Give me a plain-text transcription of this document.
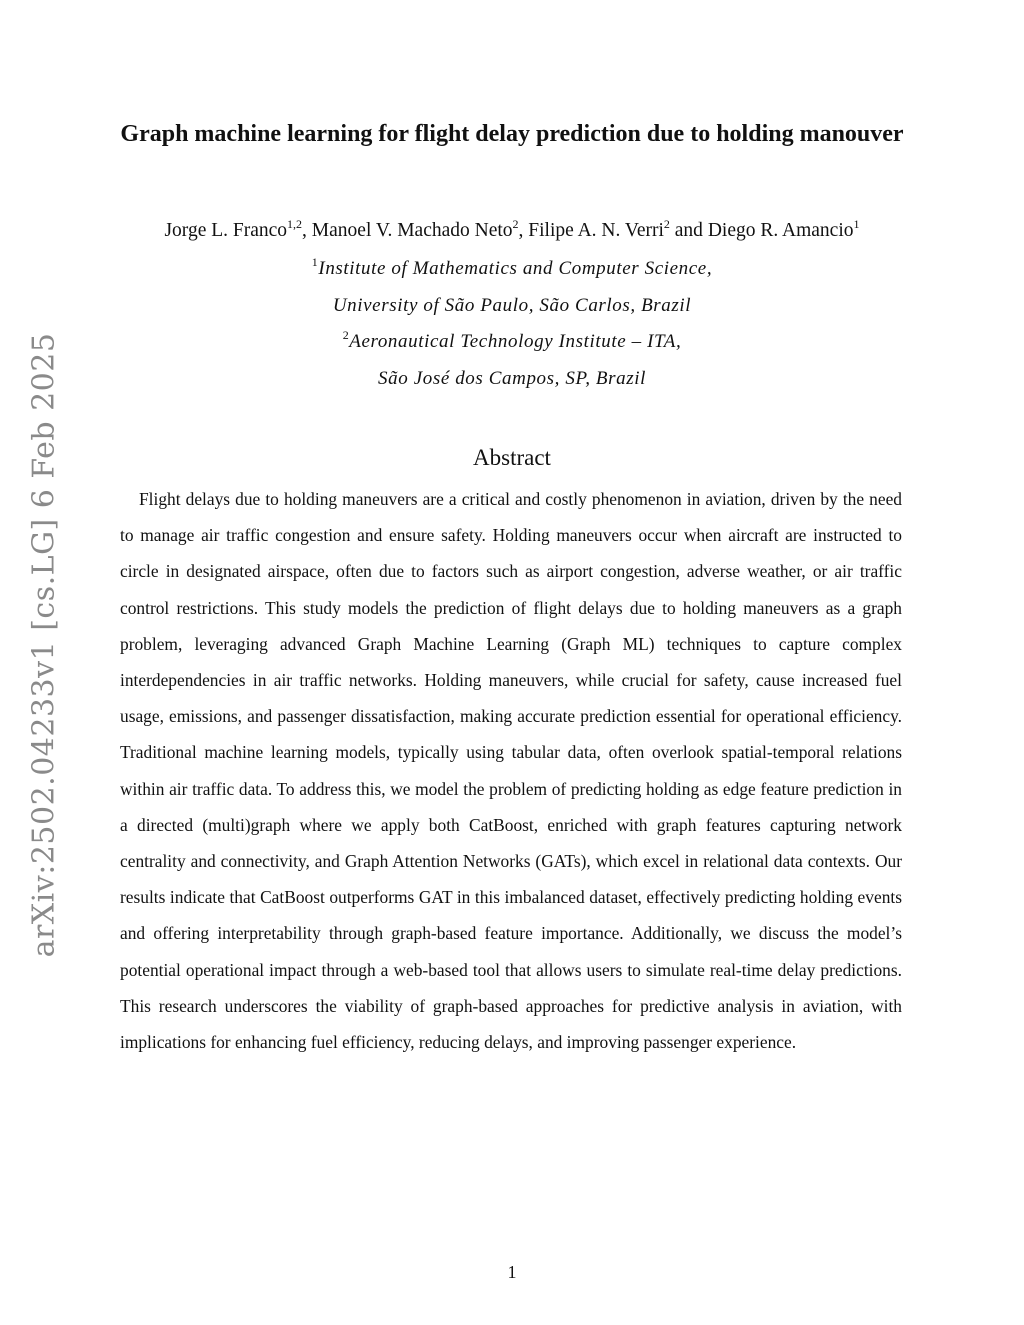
arXiv:2502.04233v1 [cs.LG] 6 Feb 2025
Graph machine learning for flight delay prediction due to holding manouver
Jorge L. Franco$^{1,2}$, Manoel V. Machado Neto$^2$, Filipe A. N. Verri$^2$ and Diego R. Amancio$^1$
$^1$Institute of Mathematics and Computer Science,
University of São Paulo, São Carlos, Brazil
$^2$Aeronautical Technology Institute – ITA,
São José dos Campos, SP, Brazil
Abstract
Flight delays due to holding maneuvers are a critical and costly phenomenon in aviation, driven by the need to manage air traffic congestion and ensure safety. Holding maneuvers occur when aircraft are instructed to circle in designated airspace, often due to factors such as airport congestion, adverse weather, or air traffic control restrictions. This study models the prediction of flight delays due to holding maneuvers as a graph problem, leveraging advanced Graph Machine Learning (Graph ML) techniques to capture complex interdependencies in air traffic networks. Holding maneuvers, while crucial for safety, cause increased fuel usage, emissions, and passenger dissatisfaction, making accurate prediction essential for operational efficiency. Traditional machine learning models, typically using tabular data, often overlook spatial-temporal relations within air traffic data. To address this, we model the problem of predicting holding as edge feature prediction in a directed (multi)graph where we apply both CatBoost, enriched with graph features capturing network centrality and connectivity, and Graph Attention Networks (GATs), which excel in relational data contexts. Our results indicate that CatBoost outperforms GAT in this imbalanced dataset, effectively predicting holding events and offering interpretability through graph-based feature importance. Additionally, we discuss the model’s potential operational impact through a web-based tool that allows users to simulate real-time delay predictions. This research underscores the viability of graph-based approaches for predictive analysis in aviation, with implications for enhancing fuel efficiency, reducing delays, and improving passenger experience.
1
